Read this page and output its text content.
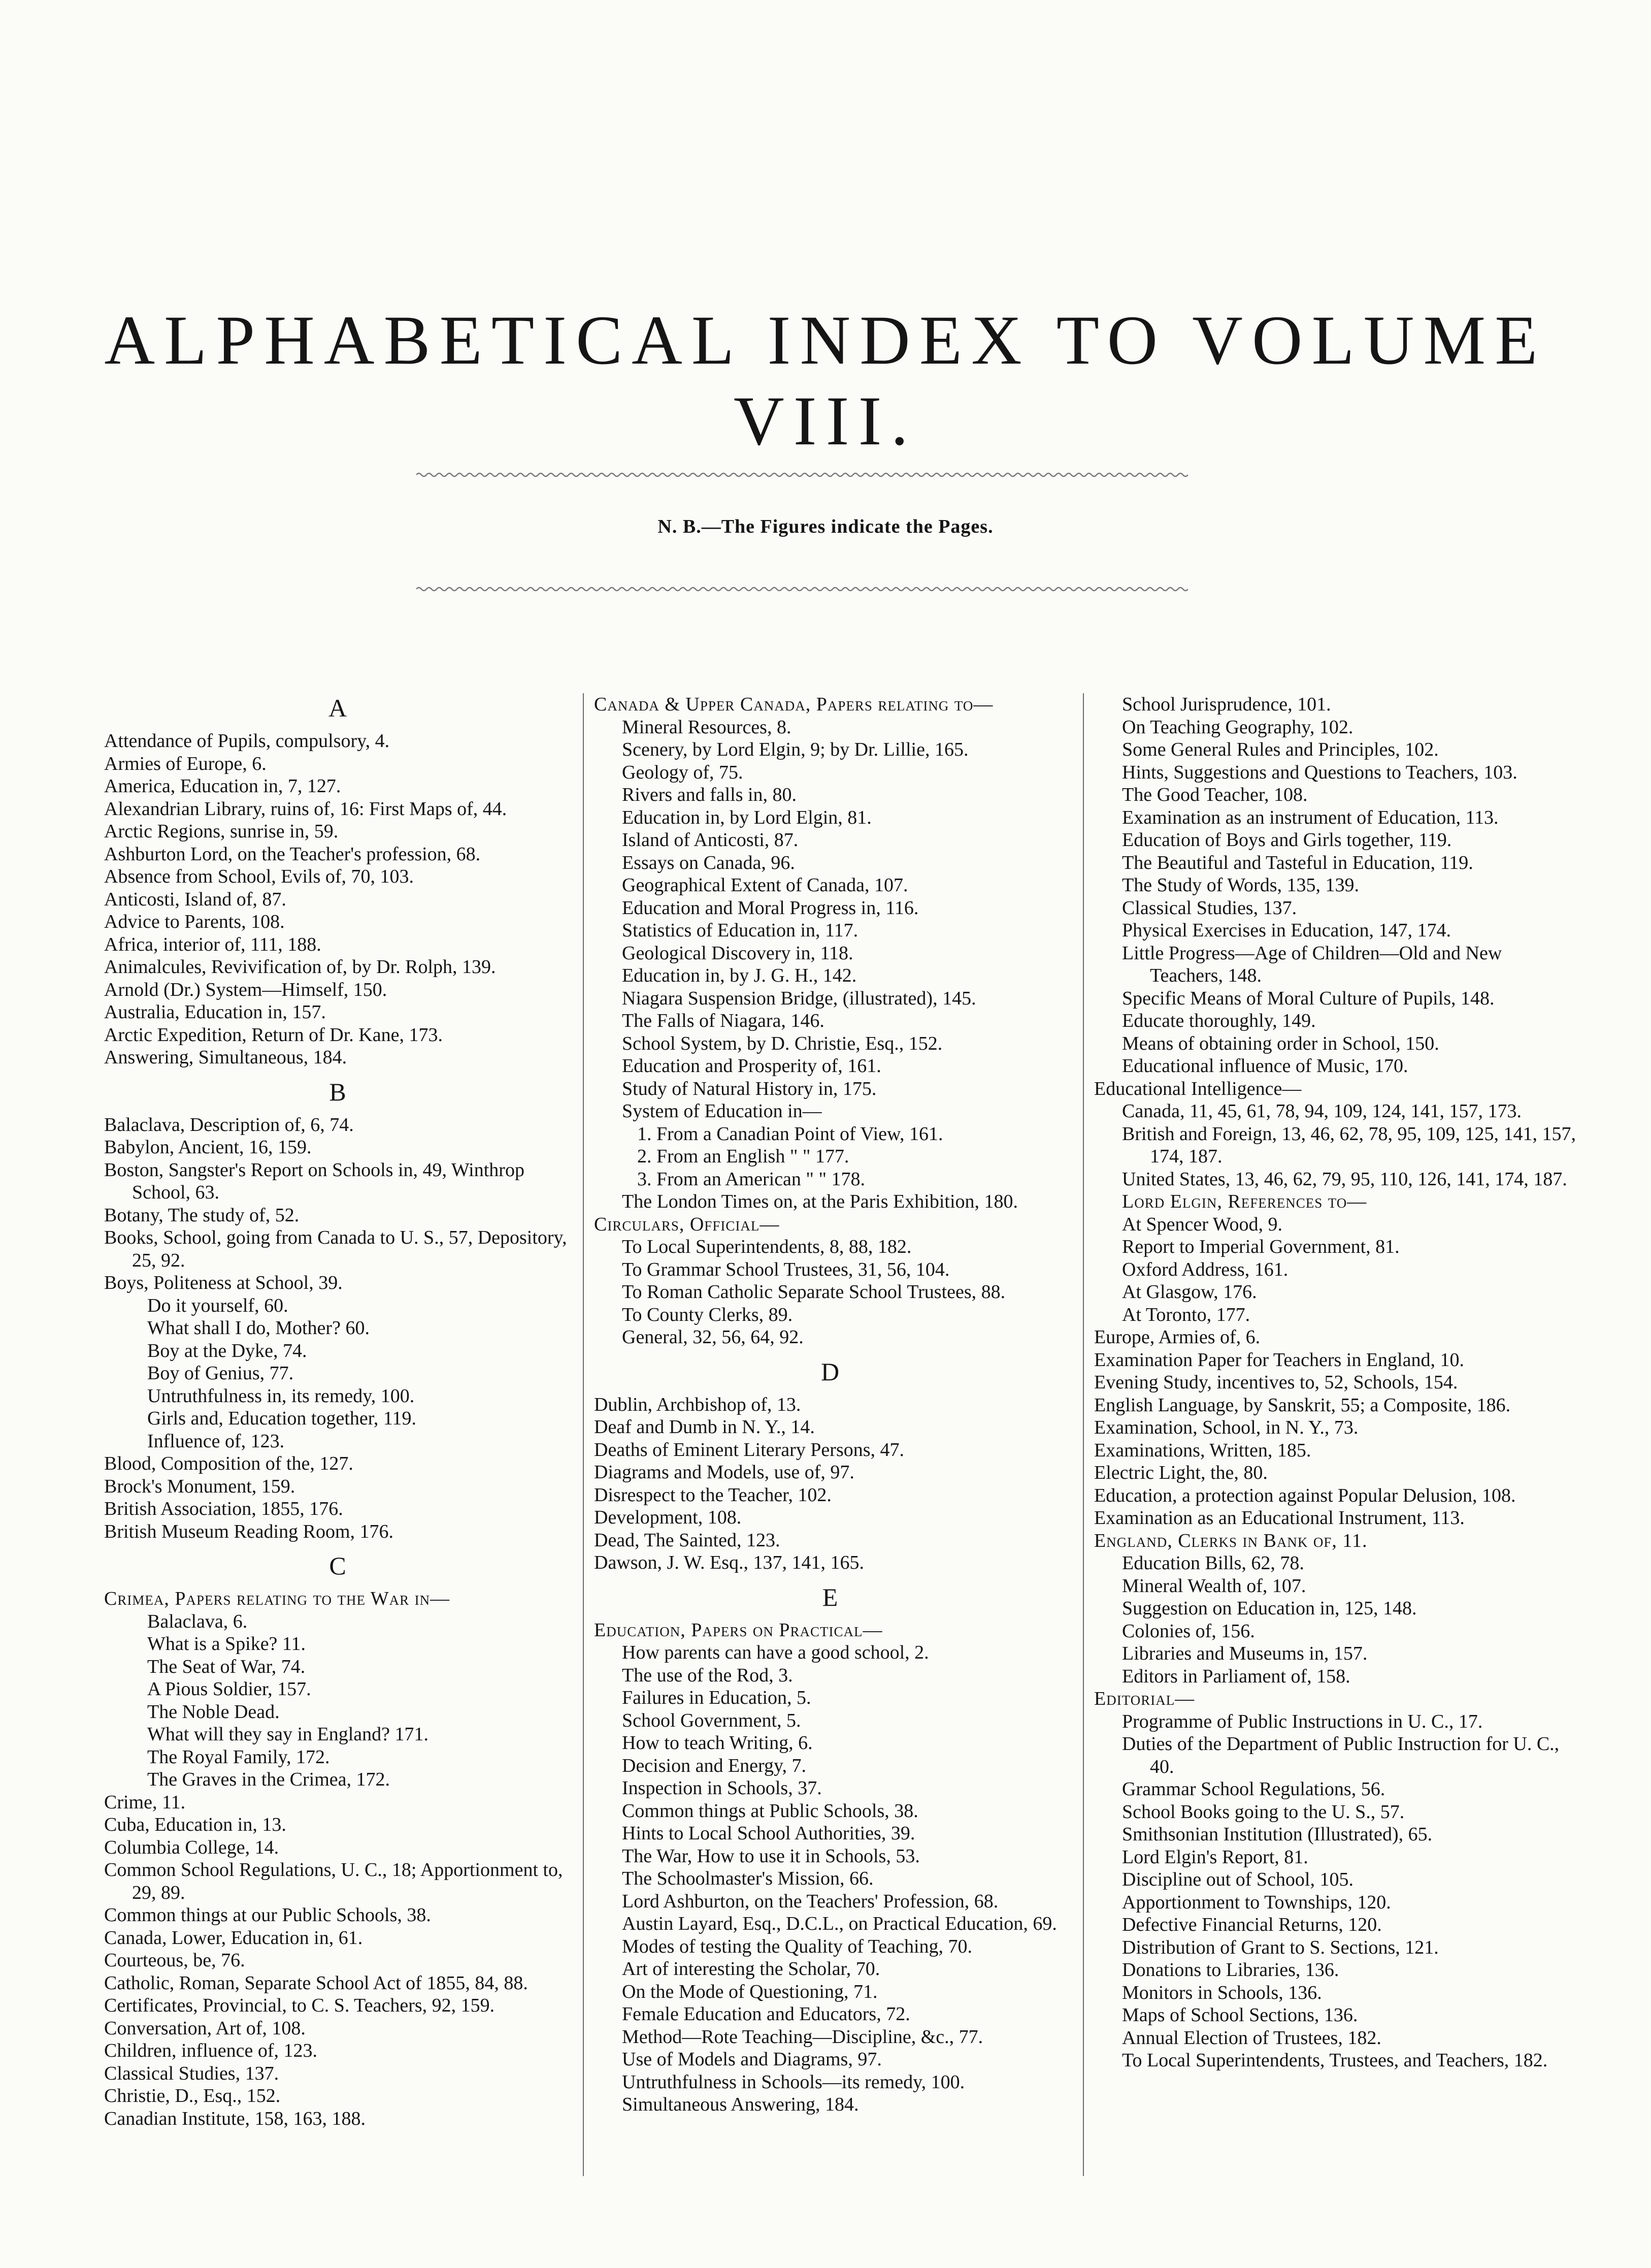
ALPHABETICAL INDEX TO VOLUME VIII.
N. B.—The Figures indicate the Pages.
A
Attendance of Pupils, compulsory, 4.
Armies of Europe, 6.
America, Education in, 7, 127.
Alexandrian Library, ruins of, 16: First Maps of, 44.
Arctic Regions, sunrise in, 59.
Ashburton Lord, on the Teacher's profession, 68.
Absence from School, Evils of, 70, 103.
Anticosti, Island of, 87.
Advice to Parents, 108.
Africa, interior of, 111, 188.
Animalcules, Revivification of, by Dr. Rolph, 139.
Arnold (Dr.) System—Himself, 150.
Australia, Education in, 157.
Arctic Expedition, Return of Dr. Kane, 173.
Answering, Simultaneous, 184.
B
Balaclava, Description of, 6, 74.
Babylon, Ancient, 16, 159.
Boston, Sangster's Report on Schools in, 49, Winthrop School, 63.
Botany, The study of, 52.
Books, School, going from Canada to U. S., 57, Depository, 25, 92.
Boys, Politeness at School, 39.
Do it yourself, 60.
What shall I do, Mother? 60.
Boy at the Dyke, 74.
Boy of Genius, 77.
Untruthfulness in, its remedy, 100.
Girls and, Education together, 119.
Influence of, 123.
Blood, Composition of the, 127.
Brock's Monument, 159.
British Association, 1855, 176.
British Museum Reading Room, 176.
C
Crimea, Papers relating to the War in—
Balaclava, 6.
What is a Spike? 11.
The Seat of War, 74.
A Pious Soldier, 157.
The Noble Dead.
What will they say in England? 171.
The Royal Family, 172.
The Graves in the Crimea, 172.
Crime, 11.
Cuba, Education in, 13.
Columbia College, 14.
Common School Regulations, U. C., 18; Apportionment to, 29, 89.
Common things at our Public Schools, 38.
Canada, Lower, Education in, 61.
Courteous, be, 76.
Catholic, Roman, Separate School Act of 1855, 84, 88.
Certificates, Provincial, to C. S. Teachers, 92, 159.
Conversation, Art of, 108.
Children, influence of, 123.
Classical Studies, 137.
Christie, D., Esq., 152.
Canadian Institute, 158, 163, 188.
Canada & Upper Canada, Papers relating to—
Mineral Resources, 8.
Scenery, by Lord Elgin, 9; by Dr. Lillie, 165.
Geology of, 75.
Rivers and falls in, 80.
Education in, by Lord Elgin, 81.
Island of Anticosti, 87.
Essays on Canada, 96.
Geographical Extent of Canada, 107.
Education and Moral Progress in, 116.
Statistics of Education in, 117.
Geological Discovery in, 118.
Education in, by J. G. H., 142.
Niagara Suspension Bridge, (illustrated), 145.
The Falls of Niagara, 146.
School System, by D. Christie, Esq., 152.
Education and Prosperity of, 161.
Study of Natural History in, 175.
System of Education in—
1. From a Canadian Point of View, 161.
2. From an English " " 177.
3. From an American " " 178.
The London Times on, at the Paris Exhibition, 180.
Circulars, Official—
To Local Superintendents, 8, 88, 182.
To Grammar School Trustees, 31, 56, 104.
To Roman Catholic Separate School Trustees, 88.
To County Clerks, 89.
General, 32, 56, 64, 92.
D
Dublin, Archbishop of, 13.
Deaf and Dumb in N. Y., 14.
Deaths of Eminent Literary Persons, 47.
Diagrams and Models, use of, 97.
Disrespect to the Teacher, 102.
Development, 108.
Dead, The Sainted, 123.
Dawson, J. W. Esq., 137, 141, 165.
E
Education, Papers on Practical—
How parents can have a good school, 2.
The use of the Rod, 3.
Failures in Education, 5.
School Government, 5.
How to teach Writing, 6.
Decision and Energy, 7.
Inspection in Schools, 37.
Common things at Public Schools, 38.
Hints to Local School Authorities, 39.
The War, How to use it in Schools, 53.
The Schoolmaster's Mission, 66.
Lord Ashburton, on the Teachers' Profession, 68.
Austin Layard, Esq., D.C.L., on Practical Education, 69.
Modes of testing the Quality of Teaching, 70.
Art of interesting the Scholar, 70.
On the Mode of Questioning, 71.
Female Education and Educators, 72.
Method—Rote Teaching—Discipline, &c., 77.
Use of Models and Diagrams, 97.
Untruthfulness in Schools—its remedy, 100.
Simultaneous Answering, 184.
School Jurisprudence, 101.
On Teaching Geography, 102.
Some General Rules and Principles, 102.
Hints, Suggestions and Questions to Teachers, 103.
The Good Teacher, 108.
Examination as an instrument of Education, 113.
Education of Boys and Girls together, 119.
The Beautiful and Tasteful in Education, 119.
The Study of Words, 135, 139.
Classical Studies, 137.
Physical Exercises in Education, 147, 174.
Little Progress—Age of Children—Old and New Teachers, 148.
Specific Means of Moral Culture of Pupils, 148.
Educate thoroughly, 149.
Means of obtaining order in School, 150.
Educational influence of Music, 170.
Educational Intelligence—
Canada, 11, 45, 61, 78, 94, 109, 124, 141, 157, 173.
British and Foreign, 13, 46, 62, 78, 95, 109, 125, 141, 157, 174, 187.
United States, 13, 46, 62, 79, 95, 110, 126, 141, 174, 187.
Lord Elgin, References to—
At Spencer Wood, 9.
Report to Imperial Government, 81.
Oxford Address, 161.
At Glasgow, 176.
At Toronto, 177.
Europe, Armies of, 6.
Examination Paper for Teachers in England, 10.
Evening Study, incentives to, 52, Schools, 154.
English Language, by Sanskrit, 55; a Composite, 186.
Examination, School, in N. Y., 73.
Examinations, Written, 185.
Electric Light, the, 80.
Education, a protection against Popular Delusion, 108.
Examination as an Educational Instrument, 113.
England, Clerks in Bank of, 11.
Education Bills, 62, 78.
Mineral Wealth of, 107.
Suggestion on Education in, 125, 148.
Colonies of, 156.
Libraries and Museums in, 157.
Editors in Parliament of, 158.
Editorial—
Programme of Public Instructions in U. C., 17.
Duties of the Department of Public Instruction for U. C., 40.
Grammar School Regulations, 56.
School Books going to the U. S., 57.
Smithsonian Institution (Illustrated), 65.
Lord Elgin's Report, 81.
Discipline out of School, 105.
Apportionment to Townships, 120.
Defective Financial Returns, 120.
Distribution of Grant to S. Sections, 121.
Donations to Libraries, 136.
Monitors in Schools, 136.
Maps of School Sections, 136.
Annual Election of Trustees, 182.
To Local Superintendents, Trustees, and Teachers, 182.
